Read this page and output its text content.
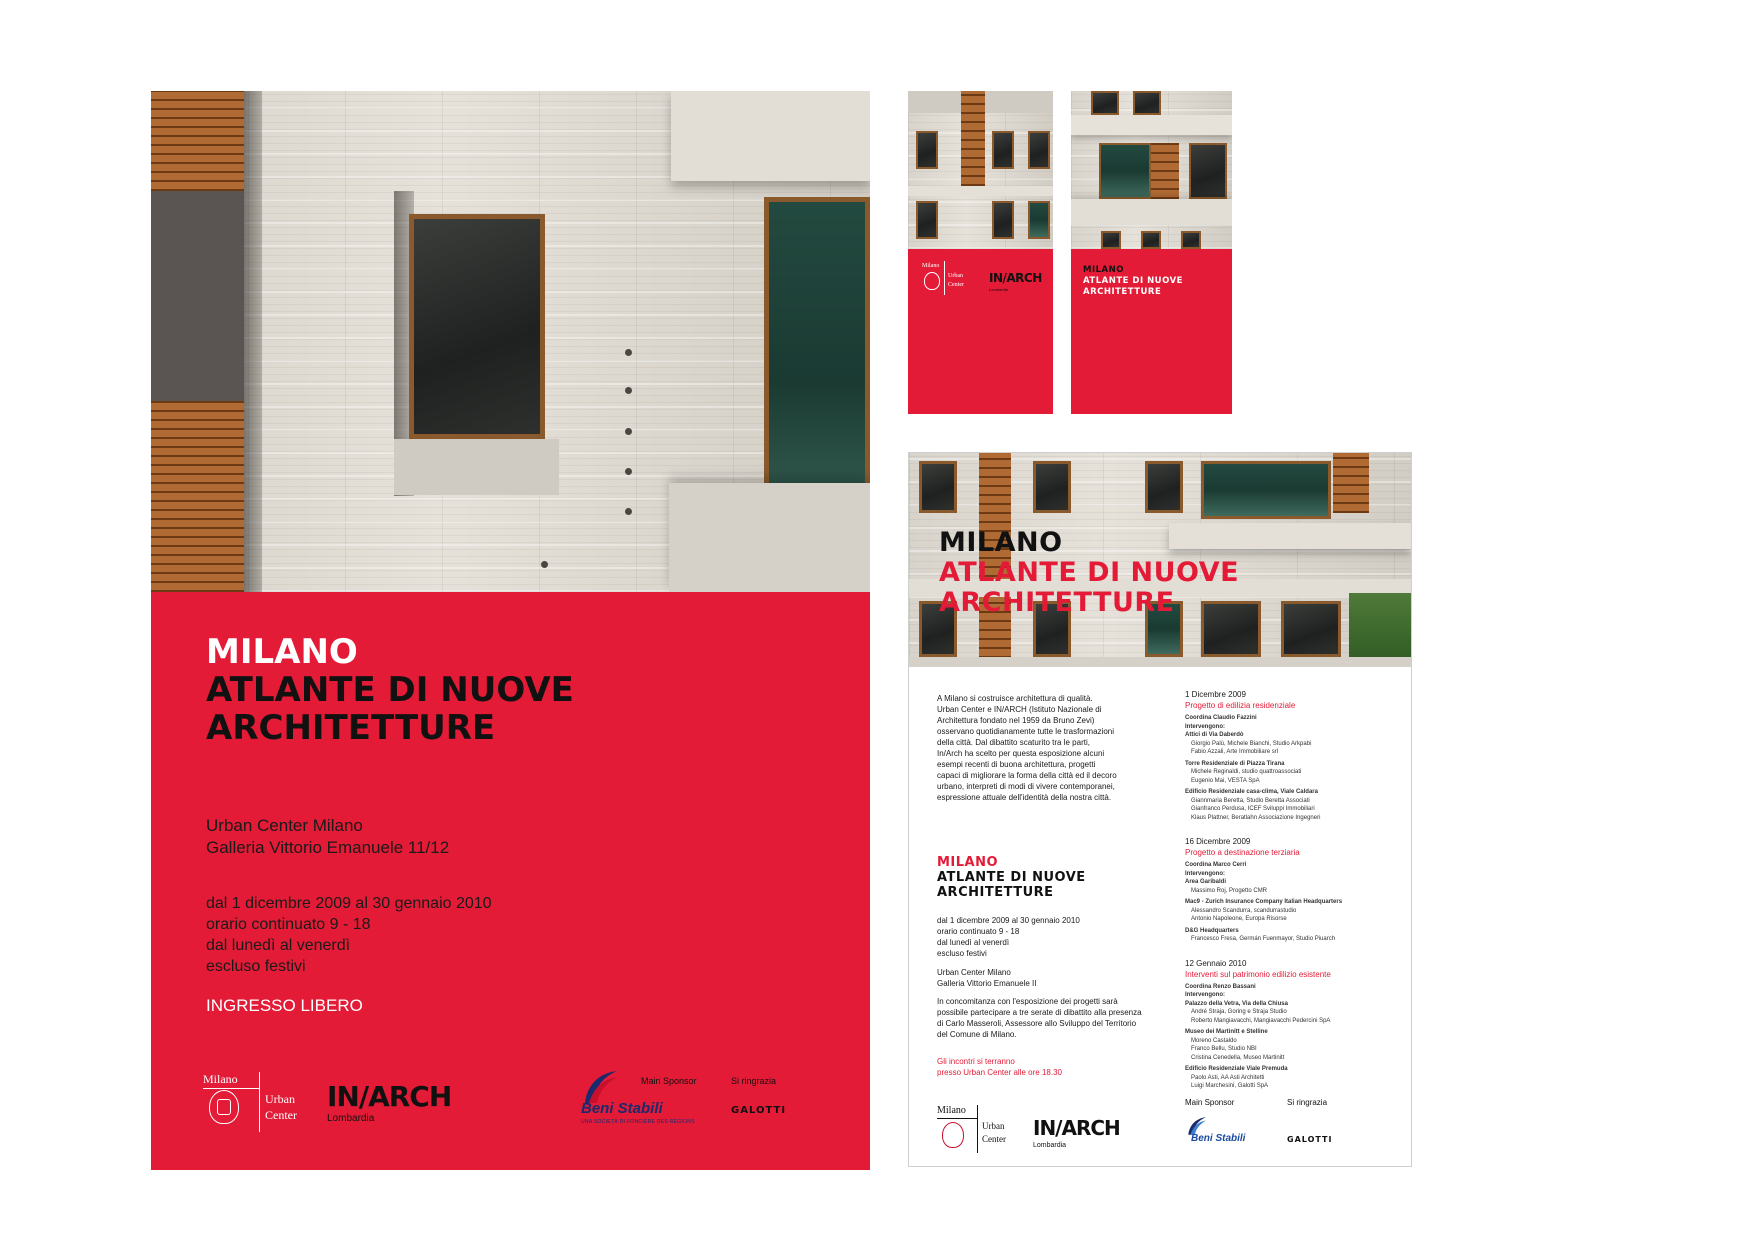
MILANO
ATLANTE DI NUOVE
ARCHITETTURE
Urban Center Milano
Galleria Vittorio Emanuele 11/12
dal 1 dicembre 2009 al 30 gennaio 2010
orario continuato 9 - 18
dal lunedì al venerdì
escluso festivi
INGRESSO LIBERO
Milano
Urban
Center
IN/ARCH
Lombardia
Beni Stabili
UNA SOCIETÀ DI FONCIÈRE DES RÉGIONS
Main Sponsor	Si ringrazia
GALOTTI
Milano
Urban
Center IN/ARCH
Lombardia
MILANO
ATLANTE DI NUOVE
ARCHITETTURE
MILANO
ATLANTE DI NUOVE
ARCHITETTURE
A Milano si costruisce architettura di qualità.
Urban Center e IN/ARCH (Istituto Nazionale di
Architettura fondato nel 1959 da Bruno Zevi)
osservano quotidianamente tutte le trasformazioni
della città. Dal dibattito scaturito tra le parti,
In/Arch ha scelto per questa esposizione alcuni
esempi recenti di buona architettura, progetti
capaci di migliorare la forma della città ed il decoro
urbano, interpreti di modi di vivere contemporanei,
espressione attuale dell'identità della nostra città.
MILANO
ATLANTE DI NUOVE
ARCHITETTURE
dal 1 dicembre 2009 al 30 gennaio 2010
orario continuato 9 - 18
dal lunedì al venerdì
escluso festivi
Urban Center Milano
Galleria Vittorio Emanuele II
In concomitanza con l'esposizione dei progetti sarà
possibile partecipare a tre serate di dibattito alla presenza
di Carlo Masseroli, Assessore allo Sviluppo del Territorio
del Comune di Milano.
Gli incontri si terranno
presso Urban Center alle ore 18.30
1 Dicembre 2009
Progetto di edilizia residenziale
Coordina Claudio Fazzini
Intervengono:
Attici di Via Daberdò
Giorgio Palù, Michele Bianchi, Studio Arkpabi
Fabio Azzali, Arte Immobiliare srl
Torre Residenziale di Piazza Tirana
Michele Reginaldi, studio quattroassociati
Eugenio Mai, VESTA SpA
Edificio Residenziale casa-clima, Viale Caldara
Giannmaria Beretta, Studio Beretta Associati
Gianfranco Perdusa, ICEF Sviluppi Immobiliari
Klaus Plattner, Beratlahn Associazione Ingegneri
16 Dicembre 2009
Progetto a destinazione terziaria
Coordina Marco Cerri
Intervengono:
Area Garibaldi
Massimo Roj, Progetto CMR
Mac9 - Zurich Insurance Company Italian Headquarters
Alessandro Scandurra, scandurrastudio
Antonio Napoleone, Europa Risorse
D&G Headquarters
Francesco Fresa, Germán Fuenmayor, Studio Piuarch
12 Gennaio 2010
Interventi sul patrimonio edilizio esistente
Coordina Renzo Bassani
Intervengono:
Palazzo della Vetra, Via della Chiusa
André Straja, Goring e Straja Studio
Roberto Mangiavacchi, Mangiavacchi Pedercini SpA
Museo dei Martinitt e Stelline
Moreno Castaldo
Franco Bellu, Studio NBI
Cristina Cenedella, Museo Martinitt
Edificio Residenziale Viale Premuda
Paolo Asti, AA Asti Architetti
Luigi Marchesini, Galotti SpA
Milano
Urban
Center IN/ARCH
Lombardia
Main Sponsor	Si ringrazia
Beni Stabili	GALOTTI
